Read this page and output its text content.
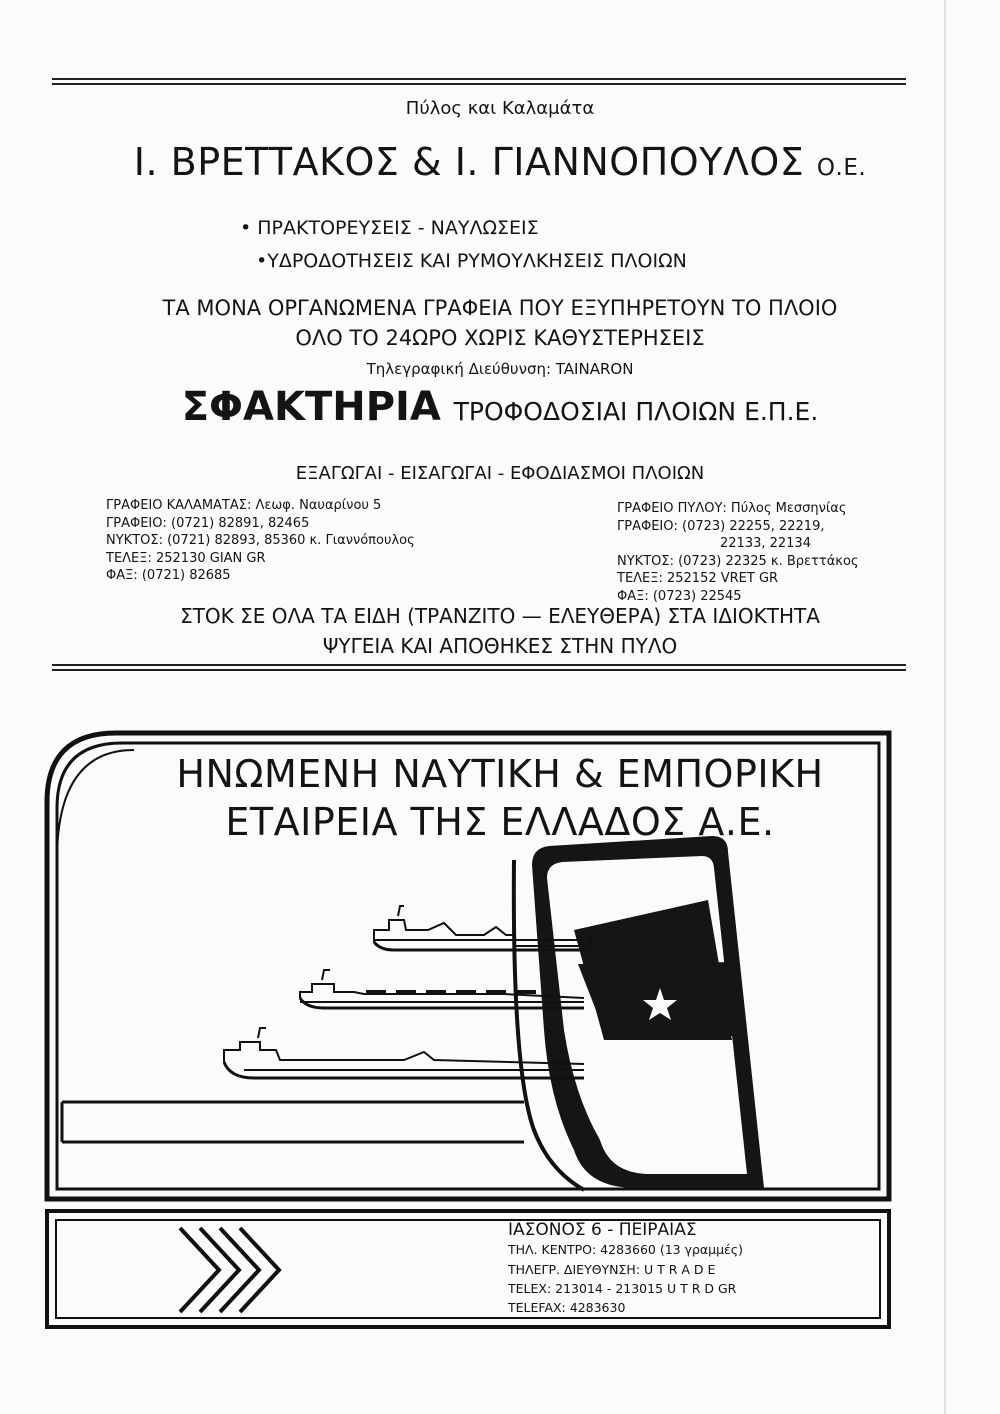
Πύλος και Καλαμάτα
Ι. ΒΡΕΤΤΑΚΟΣ & Ι. ΓΙΑΝΝΟΠΟΥΛΟΣ Ο.Ε.
• ΠΡΑΚΤΟΡΕΥΣΕΙΣ - ΝΑΥΛΩΣΕΙΣ
•ΥΔΡΟΔΟΤΗΣΕΙΣ ΚΑΙ ΡΥΜΟΥΛΚΗΣΕΙΣ ΠΛΟΙΩΝ
ΤΑ ΜΟΝΑ ΟΡΓΑΝΩΜΕΝΑ ΓΡΑΦΕΙΑ ΠΟΥ ΕΞΥΠΗΡΕΤΟΥΝ ΤΟ ΠΛΟΙΟ
ΟΛΟ ΤΟ 24ΩΡΟ ΧΩΡΙΣ ΚΑΘΥΣΤΕΡΗΣΕΙΣ
Τηλεγραφική Διεύθυνση: TAINARON
ΣΦΑΚΤΗΡΙΑ ΤΡΟΦΟΔΟΣΙΑΙ ΠΛΟΙΩΝ Ε.Π.Ε.
ΕΞΑΓΩΓΑΙ - ΕΙΣΑΓΩΓΑΙ - ΕΦΟΔΙΑΣΜΟΙ ΠΛΟΙΩΝ
ΓΡΑΦΕΙΟ ΚΑΛΑΜΑΤΑΣ: Λεωφ. Ναυαρίνου 5
ΓΡΑΦΕΙΟ: (0721) 82891, 82465
ΝΥΚΤΟΣ: (0721) 82893, 85360 κ. Γιαννόπουλος
ΤΕΛΕΞ: 252130 GIAN GR
ΦΑΞ: (0721) 82685
ΓΡΑΦΕΙΟ ΠΥΛΟΥ: Πύλος Μεσσηνίας
ΓΡΑΦΕΙΟ: (0723) 22255, 22219,
22133, 22134
ΝΥΚΤΟΣ: (0723) 22325 κ. Βρεττάκος
ΤΕΛΕΞ: 252152 VRET GR
ΦΑΞ: (0723) 22545
ΣΤΟΚ ΣΕ ΟΛΑ ΤΑ ΕΙΔΗ (ΤΡΑΝΖΙΤΟ — ΕΛΕΥΘΕΡΑ) ΣΤΑ ΙΔΙΟΚΤΗΤΑ
ΨΥΓΕΙΑ ΚΑΙ ΑΠΟΘΗΚΕΣ ΣΤΗΝ ΠΥΛΟ
ΗΝΩΜΕΝΗ ΝΑΥΤΙΚΗ & ΕΜΠΟΡΙΚΗ
ΕΤΑΙΡΕΙΑ ΤΗΣ ΕΛΛΑΔΟΣ Α.Ε.
ΙΑΣΟΝΟΣ 6 - ΠΕΙΡΑΙΑΣ
ΤΗΛ. ΚΕΝΤΡΟ: 4283660 (13 γραμμές)
ΤΗΛΕΓΡ. ΔΙΕΥΘΥΝΣΗ: U T R A D E
TELEX: 213014 - 213015 U T R D GR
TELEFAX: 4283630
